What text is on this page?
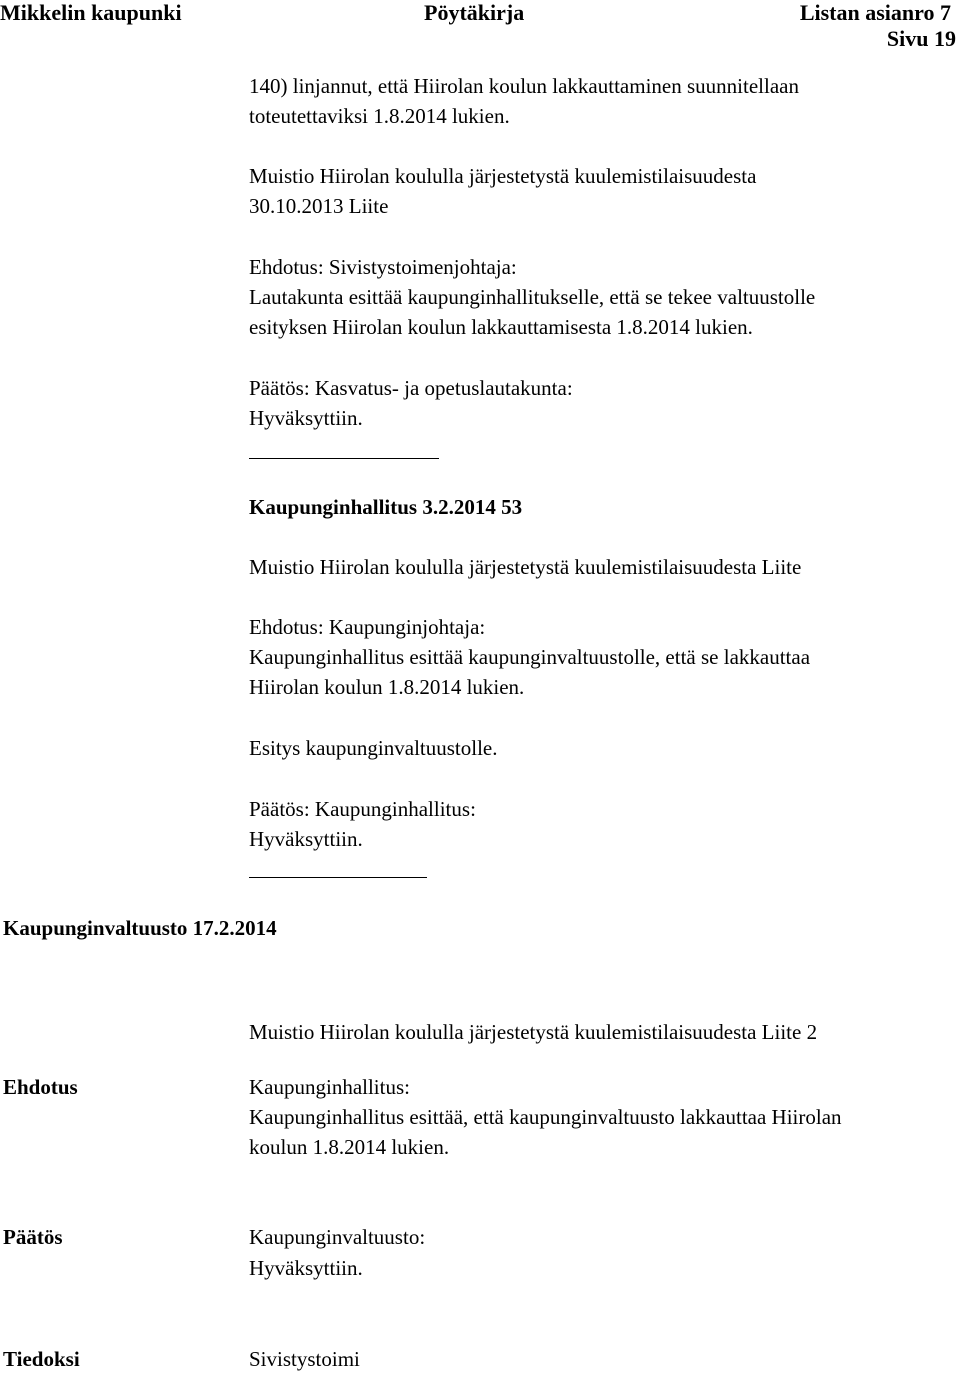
Mikkelin kaupunki	Pöytäkirja	Listan asianro 7
Sivu 19
140) linjannut, että Hiirolan koulun lakkauttaminen suunnitellaan
toteutettaviksi 1.8.2014 lukien.
Muistio Hiirolan koululla järjestetystä kuulemistilaisuudesta
30.10.2013 Liite
Ehdotus: Sivistystoimenjohtaja:
Lautakunta esittää kaupunginhallitukselle, että se tekee valtuustolle
esityksen Hiirolan koulun lakkauttamisesta 1.8.2014 lukien.
Päätös: Kasvatus- ja opetuslautakunta:
Hyväksyttiin.
Kaupunginhallitus 3.2.2014 53
Muistio Hiirolan koululla järjestetystä kuulemistilaisuudesta Liite
Ehdotus: Kaupunginjohtaja:
Kaupunginhallitus esittää kaupunginvaltuustolle, että se lakkauttaa
Hiirolan koulun 1.8.2014 lukien.
Esitys kaupunginvaltuustolle.
Päätös: Kaupunginhallitus:
Hyväksyttiin.
Kaupunginvaltuusto 17.2.2014
Muistio Hiirolan koululla järjestetystä kuulemistilaisuudesta Liite 2
Ehdotus	Kaupunginhallitus:
Kaupunginhallitus esittää, että kaupunginvaltuusto lakkauttaa Hiirolan
koulun 1.8.2014 lukien.
Päätös	Kaupunginvaltuusto:
Hyväksyttiin.
Tiedoksi	Sivistystoimi
